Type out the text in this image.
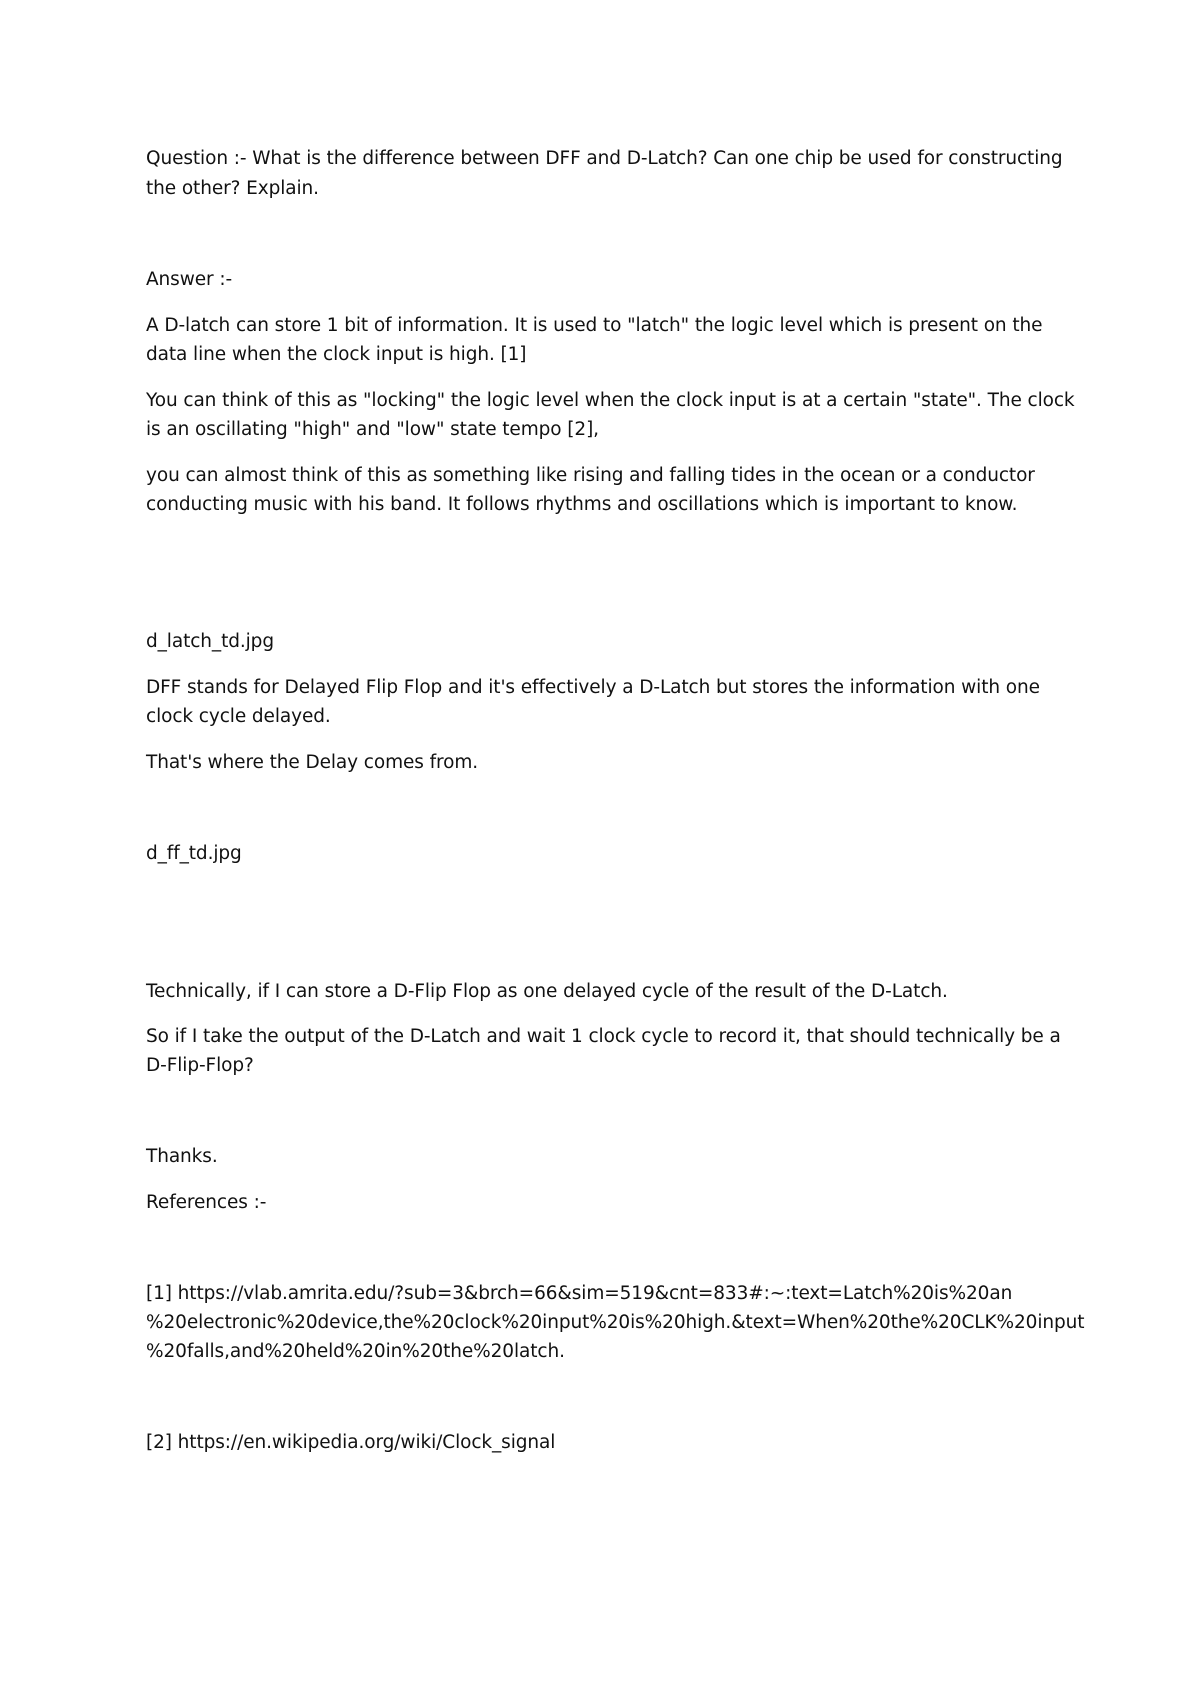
Question :- What is the difference between DFF and D-Latch? Can one chip be used for constructing
the other? Explain.
Answer :-
A D-latch can store 1 bit of information. It is used to "latch" the logic level which is present on the
data line when the clock input is high. [1]
You can think of this as "locking" the logic level when the clock input is at a certain "state". The clock
is an oscillating "high" and "low" state tempo [2],
you can almost think of this as something like rising and falling tides in the ocean or a conductor
conducting music with his band. It follows rhythms and oscillations which is important to know.
d_latch_td.jpg
DFF stands for Delayed Flip Flop and it's effectively a D-Latch but stores the information with one
clock cycle delayed.
That's where the Delay comes from.
d_ff_td.jpg
Technically, if I can store a D-Flip Flop as one delayed cycle of the result of the D-Latch.
So if I take the output of the D-Latch and wait 1 clock cycle to record it, that should technically be a
D-Flip-Flop?
Thanks.
References :-
[1] https://vlab.amrita.edu/?sub=3&brch=66&sim=519&cnt=833#:~:text=Latch%20is%20an
%20electronic%20device,the%20clock%20input%20is%20high.&text=When%20the%20CLK%20input
%20falls,and%20held%20in%20the%20latch.
[2] https://en.wikipedia.org/wiki/Clock_signal
